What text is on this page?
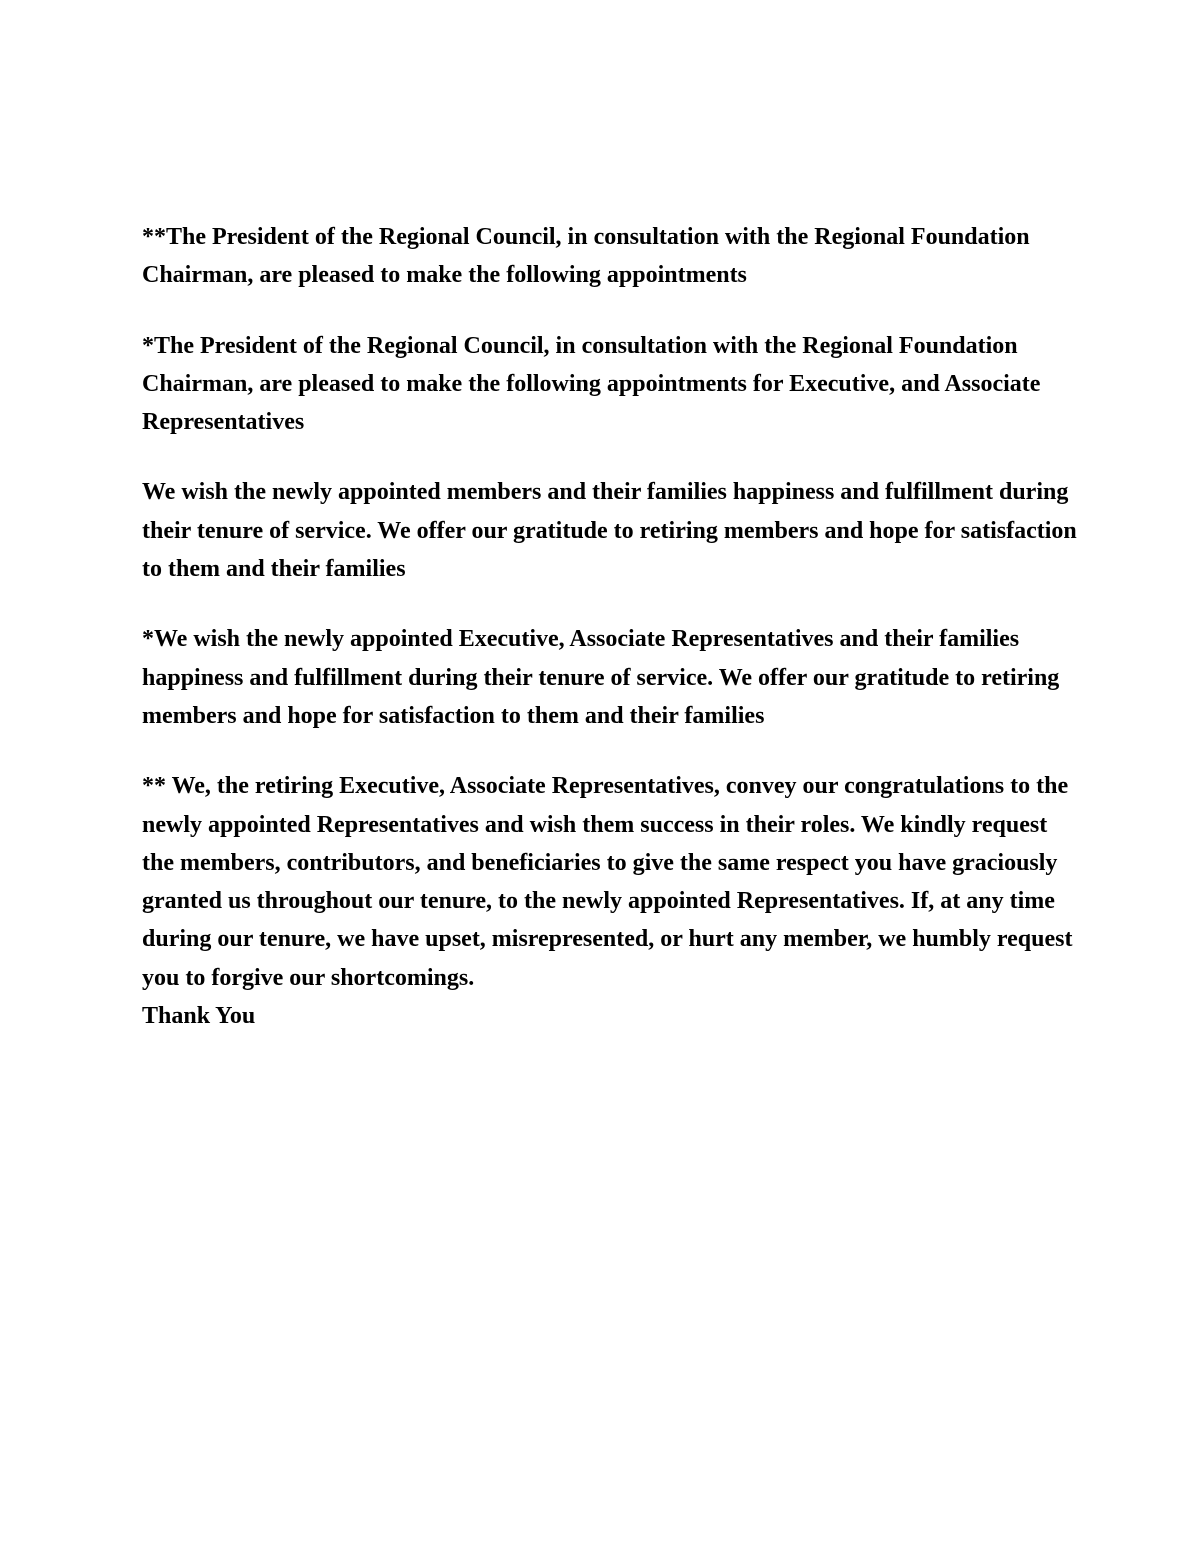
**The President of the Regional Council, in consultation with the Regional Foundation Chairman, are pleased to make the following appointments

*The President of the Regional Council, in consultation with the Regional Foundation Chairman, are pleased to make the following appointments for Executive, and Associate Representatives

We wish the newly appointed members and their families happiness and fulfillment during their tenure of service. We offer our gratitude to retiring members and hope for satisfaction to them and their families

*We wish the newly appointed Executive, Associate Representatives and their families happiness and fulfillment during their tenure of service. We offer our gratitude to retiring members and hope for satisfaction to them and their families

** We, the retiring Executive, Associate Representatives, convey our congratulations to the newly appointed Representatives and wish them success in their roles. We kindly request the members, contributors, and beneficiaries to give the same respect you have graciously granted us throughout our tenure, to the newly appointed Representatives. If, at any time during our tenure, we have upset, misrepresented, or hurt any member, we humbly request you to forgive our shortcomings.

Thank You
